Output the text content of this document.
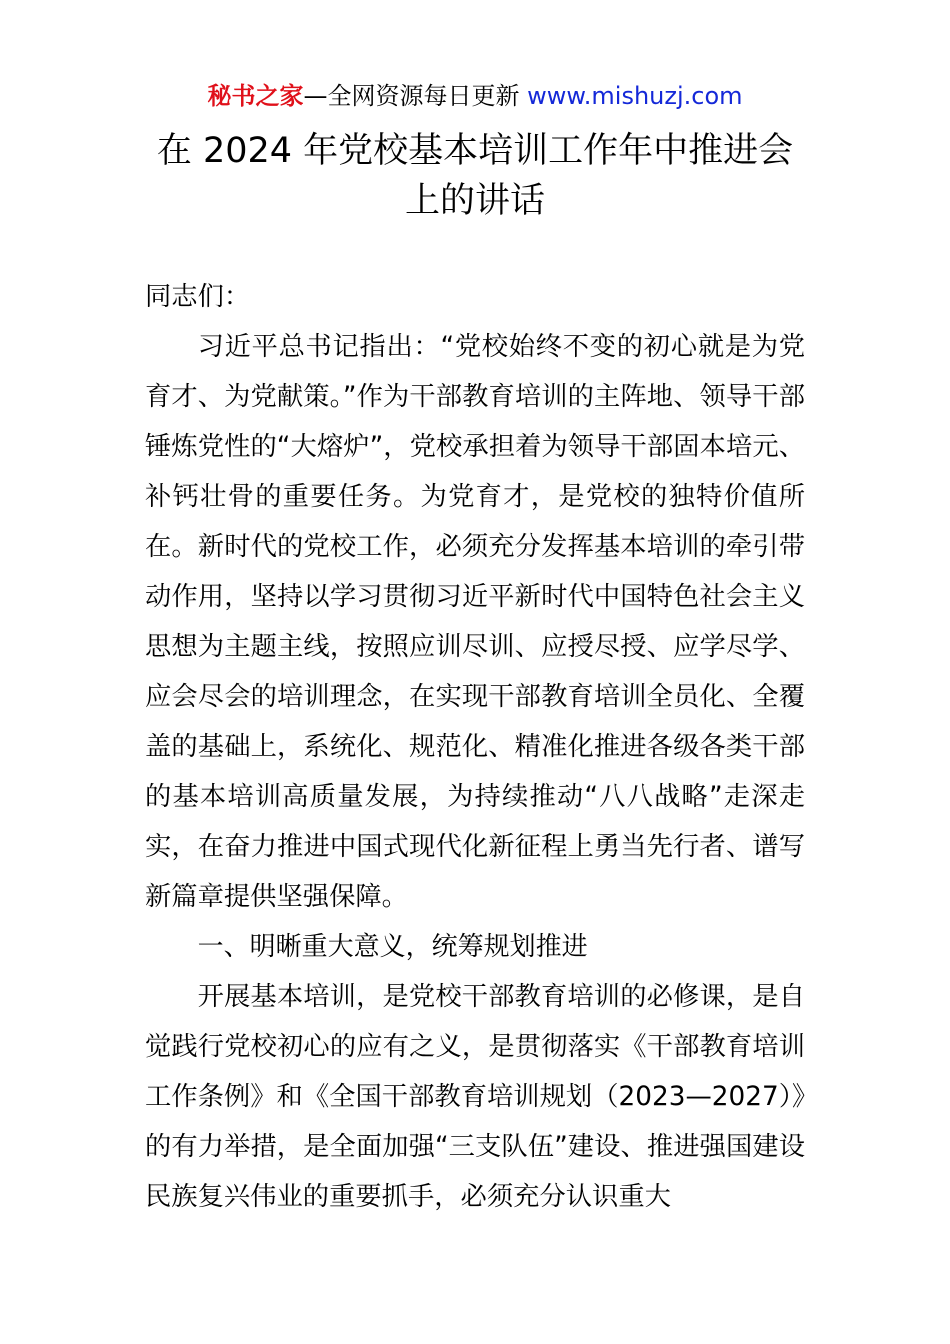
秘书之家—全网资源每日更新 www.mishuzj.com
在 2024 年党校基本培训工作年中推进会上的讲话

同志们：

习近平总书记指出：“党校始终不变的初心就是为党育才、为党献策。”作为干部教育培训的主阵地、领导干部锤炼党性的“大熔炉”，党校承担着为领导干部固本培元、补钙壮骨的重要任务。为党育才，是党校的独特价值所在。新时代的党校工作，必须充分发挥基本培训的牵引带动作用，坚持以学习贯彻习近平新时代中国特色社会主义思想为主题主线，按照应训尽训、应授尽授、应学尽学、应会尽会的培训理念，在实现干部教育培训全员化、全覆盖的基础上，系统化、规范化、精准化推进各级各类干部的基本培训高质量发展，为持续推动“八八战略”走深走实，在奋力推进中国式现代化新征程上勇当先行者、谱写新篇章提供坚强保障。

一、明晰重大意义，统筹规划推进

开展基本培训，是党校干部教育培训的必修课，是自觉践行党校初心的应有之义，是贯彻落实《干部教育培训工作条例》和《全国干部教育培训规划（2023—2027）》的有力举措，是全面加强“三支队伍”建设、推进强国建设民族复兴伟业的重要抓手，必须充分认识重大
